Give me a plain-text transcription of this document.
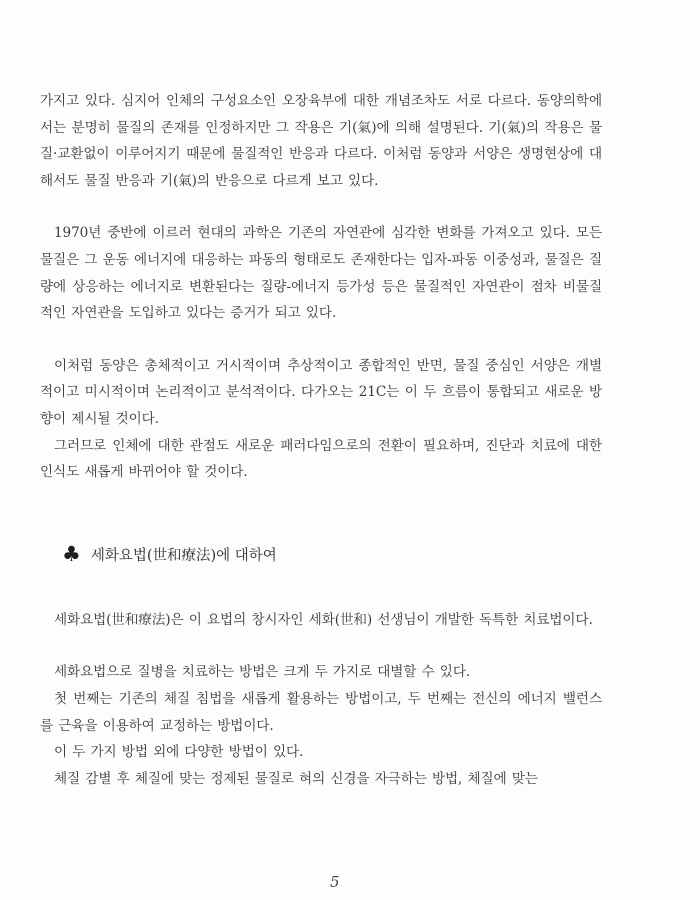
가지고 있다. 심지어 인체의 구성요소인 오장육부에 대한 개념조차도 서로 다르다. 동양의학에서는 분명히 물질의 존재를 인정하지만 그 작용은 기(氣)에 의해 설명된다. 기(氣)의 작용은 물질·교환없이 이루어지기 때문에 물질적인 반응과 다르다. 이처럼 동양과 서양은 생명현상에 대해서도 물질 반응과 기(氣)의 반응으로 다르게 보고 있다.

1970년 중반에 이르러 현대의 과학은 기존의 자연관에 심각한 변화를 가져오고 있다. 모든 물질은 그 운동 에너지에 대응하는 파동의 형태로도 존재한다는 입자-파동 이중성과, 물질은 질량에 상응하는 에너지로 변환된다는 질량-에너지 등가성 등은 물질적인 자연관이 점차 비물질적인 자연관을 도입하고 있다는 증거가 되고 있다.

이처럼 동양은 총체적이고 거시적이며 추상적이고 종합적인 반면, 물질 중심인 서양은 개별적이고 미시적이며 논리적이고 분석적이다. 다가오는 21C는 이 두 흐름이 통합되고 새로운 방향이 제시될 것이다.

그러므로 인체에 대한 관점도 새로운 패러다임으로의 전환이 필요하며, 진단과 치료에 대한 인식도 새롭게 바뀌어야 할 것이다.

♣ 세화요법(世和療法)에 대하여

세화요법(世和療法)은 이 요법의 창시자인 세화(世和) 선생님이 개발한 독특한 치료법이다.

세화요법으로 질병을 치료하는 방법은 크게 두 가지로 대별할 수 있다.

첫 번째는 기존의 체질 침법을 새롭게 활용하는 방법이고, 두 번째는 전신의 에너지 밸런스를 근육을 이용하여 교정하는 방법이다.

이 두 가지 방법 외에 다양한 방법이 있다.

체질 감별 후 체질에 맞는 정제된 물질로 혀의 신경을 자극하는 방법, 체질에 맞는

5
